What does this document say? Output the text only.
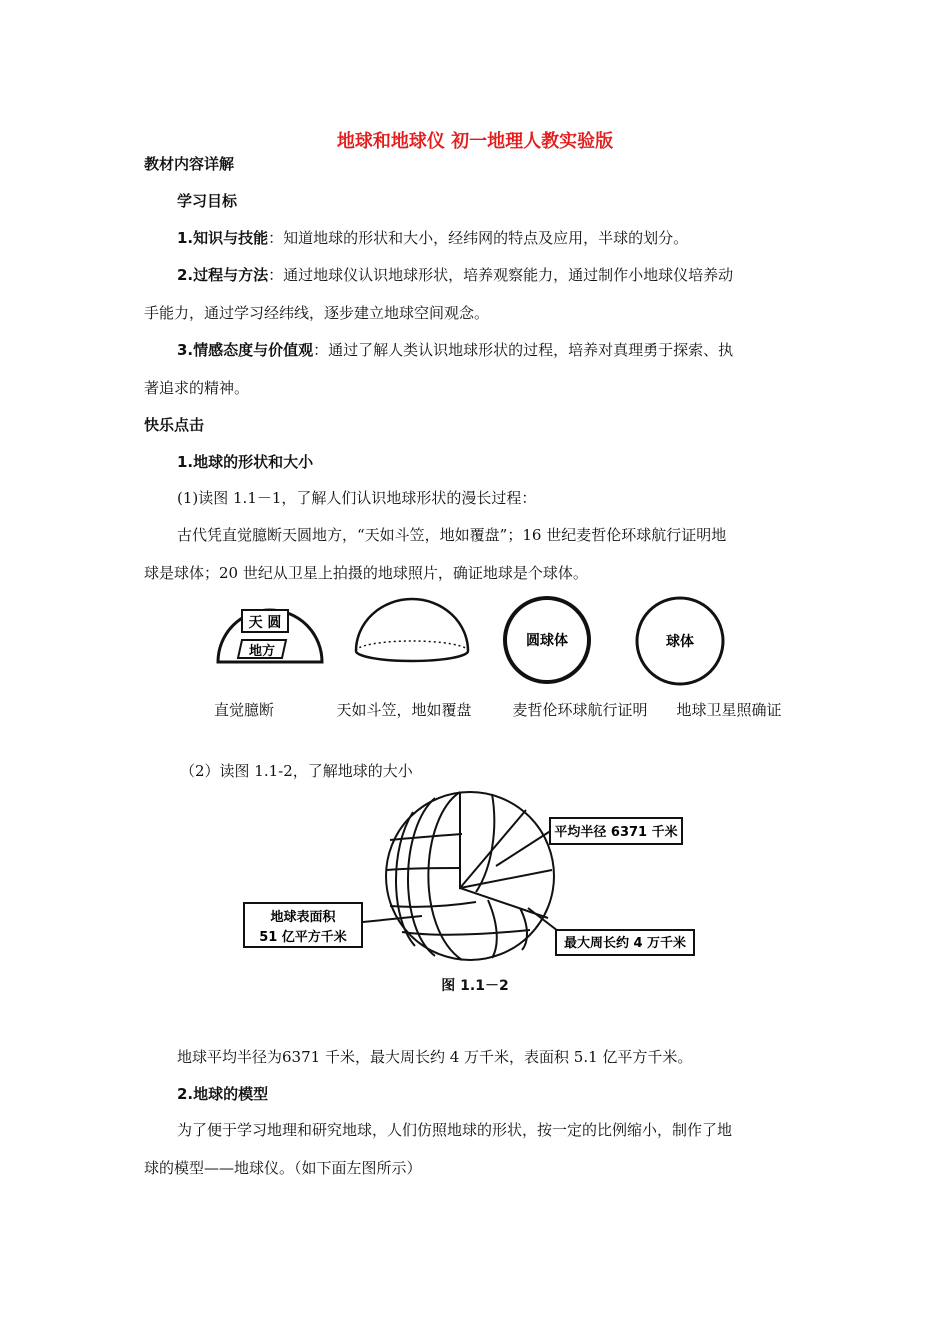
地球和地球仪 初一地理人教实验版
教材内容详解
学习目标
1.知识与技能：知道地球的形状和大小，经纬网的特点及应用，半球的划分。
2.过程与方法：通过地球仪认识地球形状，培养观察能力，通过制作小地球仪培养动
手能力，通过学习经纬线，逐步建立地球空间观念。
3.情感态度与价值观：通过了解人类认识地球形状的过程，培养对真理勇于探索、执
著追求的精神。
快乐点击
1.地球的形状和大小
(1)读图 1.1－1，了解人们认识地球形状的漫长过程：
古代凭直觉臆断天圆地方，“天如斗笠，地如覆盘”；16 世纪麦哲伦环球航行证明地
球是球体；20 世纪从卫星上拍摄的地球照片，确证地球是个球体。
天 圆
地方
圆球体	球体
直觉臆断	天如斗笠，地如覆盘	麦哲伦环球航行证明	地球卫星照确证
（2）读图 1.1-2，了解地球的大小
平均半径 6371 千米
地球表面积
51 亿平方千米	最大周长约 4 万千米
图 1.1－2
地球平均半径为6371 千米，最大周长约 4 万千米，表面积 5.1 亿平方千米。
2.地球的模型
为了便于学习地理和研究地球，人们仿照地球的形状，按一定的比例缩小，制作了地
球的模型——地球仪。（如下面左图所示）
